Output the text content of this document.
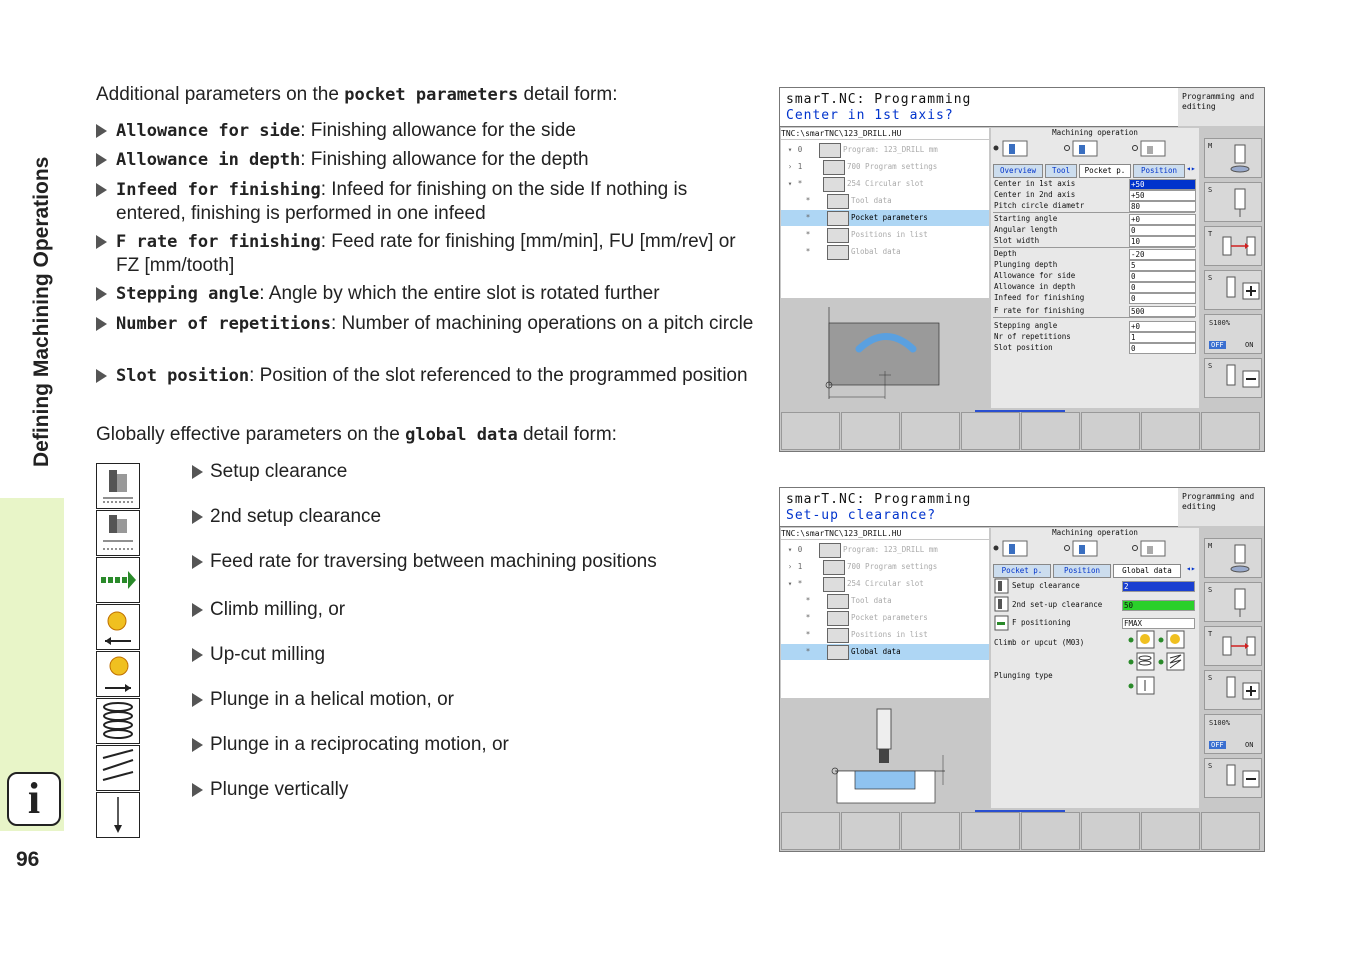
Defining Machining Operations
i
96
Additional parameters on the pocket parameters detail form:
Allowance for side: Finishing allowance for the side
Allowance in depth: Finishing allowance for the depth
Infeed for finishing: Infeed for finishing on the side If nothing is entered, finishing is performed in one infeed
F rate for finishing: Feed rate for finishing [mm/min], FU [mm/rev] or FZ [mm/tooth]
Stepping angle: Angle by which the entire slot is rotated further
Number of repetitions: Number of machining operations on a pitch circle
Slot position: Position of the slot referenced to the programmed position
Globally effective parameters on the global data detail form:
Setup clearance
2nd setup clearance
Feed rate for traversing between machining positions
Climb milling, or
Up-cut milling
Plunge in a helical motion, or
Plunge in a reciprocating motion, or
Plunge vertically
smarT.NC: Programming
Center in 1st axis?
Programming and editing
TNC:\smarTNC\123_DRILL.HU
▾ 0	Program: 123_DRILL mm
› 1	700 Program settings
▾ *	254 Circular slot
*	Tool data
*	Pocket parameters
*	Positions in list
*	Global data
Machining operation
Overview	Tool	Pocket p.	Position	◂▸
Center in 1st axis	+50
Center in 2nd axis	+50
Pitch circle diametr	80
Starting angle	+0
Angular length	0
Slot width	10
Depth	-20
Plunging depth	5
Allowance for side	0
Allowance in depth	0
Infeed for finishing	0
F rate for finishing	500
Stepping angle	+0
Nr of repetitions	1
Slot position	0
M
S
T
S
S100%
OFF	ON
S
smarT.NC: Programming
Set-up clearance?
Programming and editing
TNC:\smarTNC\123_DRILL.HU
▾ 0	Program: 123_DRILL mm
› 1	700 Program settings
▾ *	254 Circular slot
*	Tool data
*	Pocket parameters
*	Positions in list
*	Global data
Machining operation
Pocket p.	Position	Global data	◂▸
Setup clearance	2
2nd set-up clearance	50
F positioning	FMAX
Climb or upcut (M03)
Plunging type
M
S
T
S
S100%
OFF	ON
S
